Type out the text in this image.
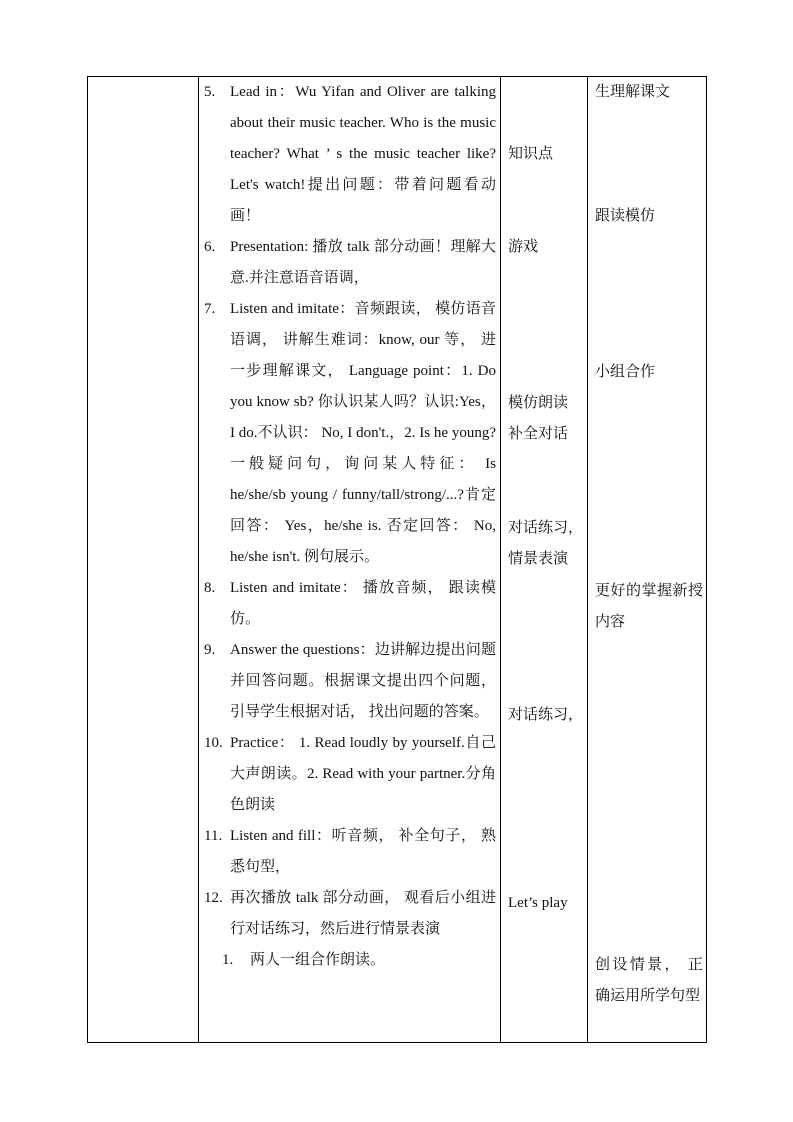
5. Lead in：Wu Yifan and Oliver are talking about their music teacher. Who is the music teacher? What ’ s the music teacher like?Let's watch!提出问题：带着问题看动画！
6. Presentation: 播放 talk 部分动画！理解大意.并注意语音语调，
7. Listen and imitate：音频跟读， 模仿语音语调， 讲解生难词：know, our 等， 进一步理解课文， Language point：1. Do you know sb? 你认识某人吗？认识:Yes，I do.不认识： No, I don't.，2. Is he young?一般疑问句，询问某人特征： Is he/she/sb young / funny/tall/strong/...?肯定回答： Yes，he/she is. 否定回答： No, he/she isn't. 例句展示。
8. Listen and imitate： 播放音频， 跟读模仿。
9. Answer the questions：边讲解边提出问题并回答问题。根据课文提出四个问题， 引导学生根据对话， 找出问题的答案。
10. Practice： 1. Read loudly by yourself.自己大声朗读。2. Read with your partner.分角色朗读
11. Listen and fill：听音频， 补全句子， 熟悉句型，
12. 再次播放 talk 部分动画， 观看后小组进行对话练习，然后进行情景表演
1. 两人一组合作朗读。
知识点
游戏
模仿朗读
补全对话
对话练习，
情景表演
对话练习，
Let’s play
生理解课文
跟读模仿
小组合作
更好的掌握新授内容
创设情景， 正确运用所学句型
